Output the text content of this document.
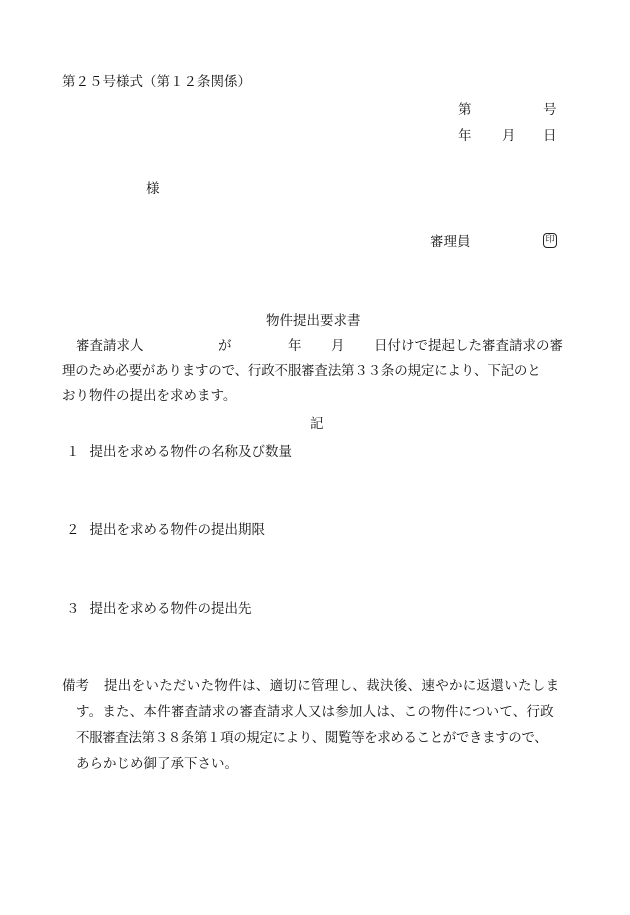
第２５号様式（第１２条関係）
第	号
年 月 日
様
審理員	印
物件提出要求書
審査請求人	が	年 月 日付けで提起した審査請求の審
理のため必要がありますので、行政不服審査法第３３条の規定により、下記のと
おり物件の提出を求めます。
記
１ 提出を求める物件の名称及び数量
２ 提出を求める物件の提出期限
３ 提出を求める物件の提出先
備考 提出をいただいた物件は、適切に管理し、裁決後、速やかに返還いたしま
す。また、本件審査請求の審査請求人又は参加人は、この物件について、行政
不服審査法第３８条第１項の規定により、閲覧等を求めることができますので、
あらかじめ御了承下さい。
